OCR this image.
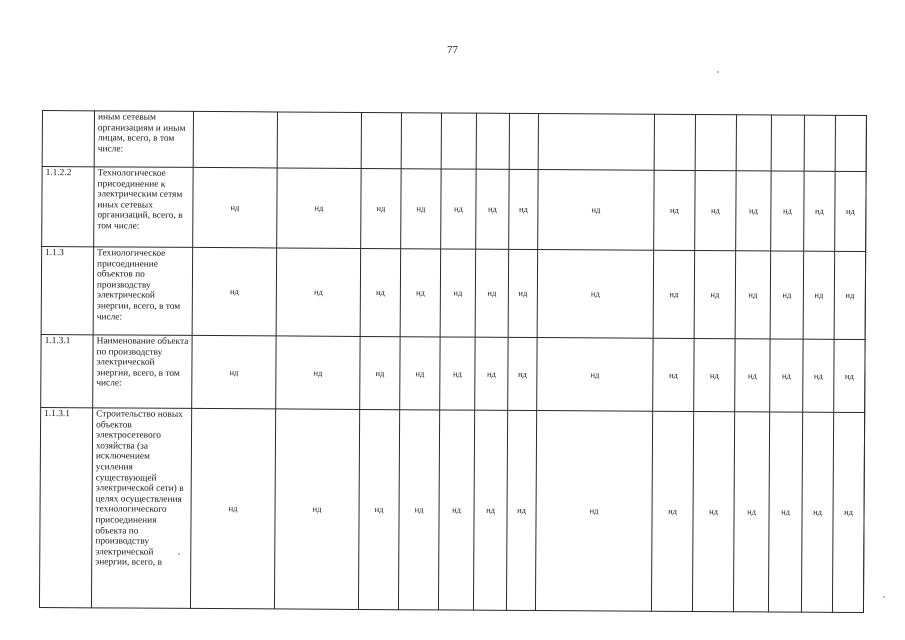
77
	иным сетевым организациям и иным лицам, всего, в том числе:															
1.1.2.2	Технологическое присоединение к электрическим сетям иных сетевых организаций, всего, в том числе:	нд	нд	нд	нд	нд	нд	нд	нд	нд	нд	нд	нд	нд	нд	
1.1.3	Технологическое присоединение объектов по производству электрической энергии, всего, в том числе:	нд	нд	нд	нд	нд	нд	нд	нд	нд	нд	нд	нд	нд	нд	
1.1.3.1	Наименование объекта по производству электрической энергии, всего, в том числе:	нд	нд	нд	нд	нд	нд	нд	нд	нд	нд	нд	нд	нд	нд	
1.1.3.1	Строительство новых объектов электросетевого хозяйства (за исключением усиления существующей электрической сети) в целях осуществления технологического присоединения объекта по производству электрической энергии, всего, в	нд	нд	нд	нд	нд	нд	нд	нд	нд	нд	нд	нд	нд	нд	
